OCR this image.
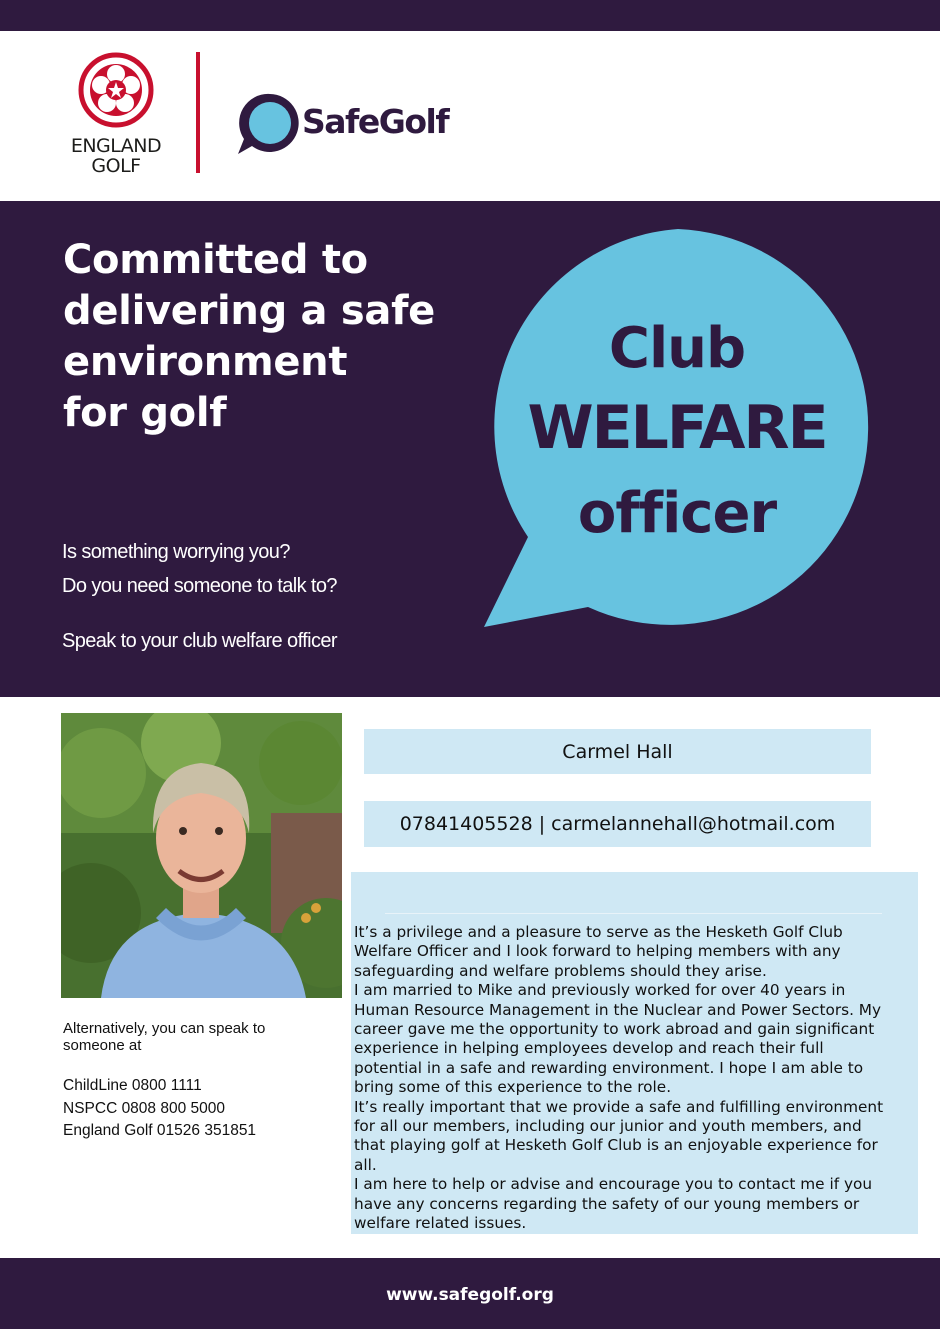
ENGLAND
GOLF
SafeGolf
Committed to
delivering a safe
environment
for golf
Is something worrying you?
Do you need someone to talk to?
Speak to your club welfare officer
Club
WELFARE
officer
Carmel Hall
07841405528 | carmelannehall@hotmail.com

It’s a privilege and a pleasure to serve as the Hesketh Golf Club

Welfare Officer and I look forward to helping members with any

safeguarding and welfare problems should they arise.

I am married to Mike and previously worked for over 40 years in

Human Resource Management in the Nuclear and Power Sectors. My

career gave me the opportunity to work abroad and gain significant

experience in helping employees develop and reach their full

potential in a safe and rewarding environment. I hope I am able to

bring some of this experience to the role.

It’s really important that we provide a safe and fulfilling environment

for all our members, including our junior and youth members, and

that playing golf at Hesketh Golf Club is an enjoyable experience for

all.

I am here to help or advise and encourage you to contact me if you

have any concerns regarding the safety of our young members or

welfare related issues.

Alternatively, you can speak to
someone at
ChildLine 0800 1111
NSPCC 0808 800 5000
England Golf 01526 351851
www.safegolf.org
